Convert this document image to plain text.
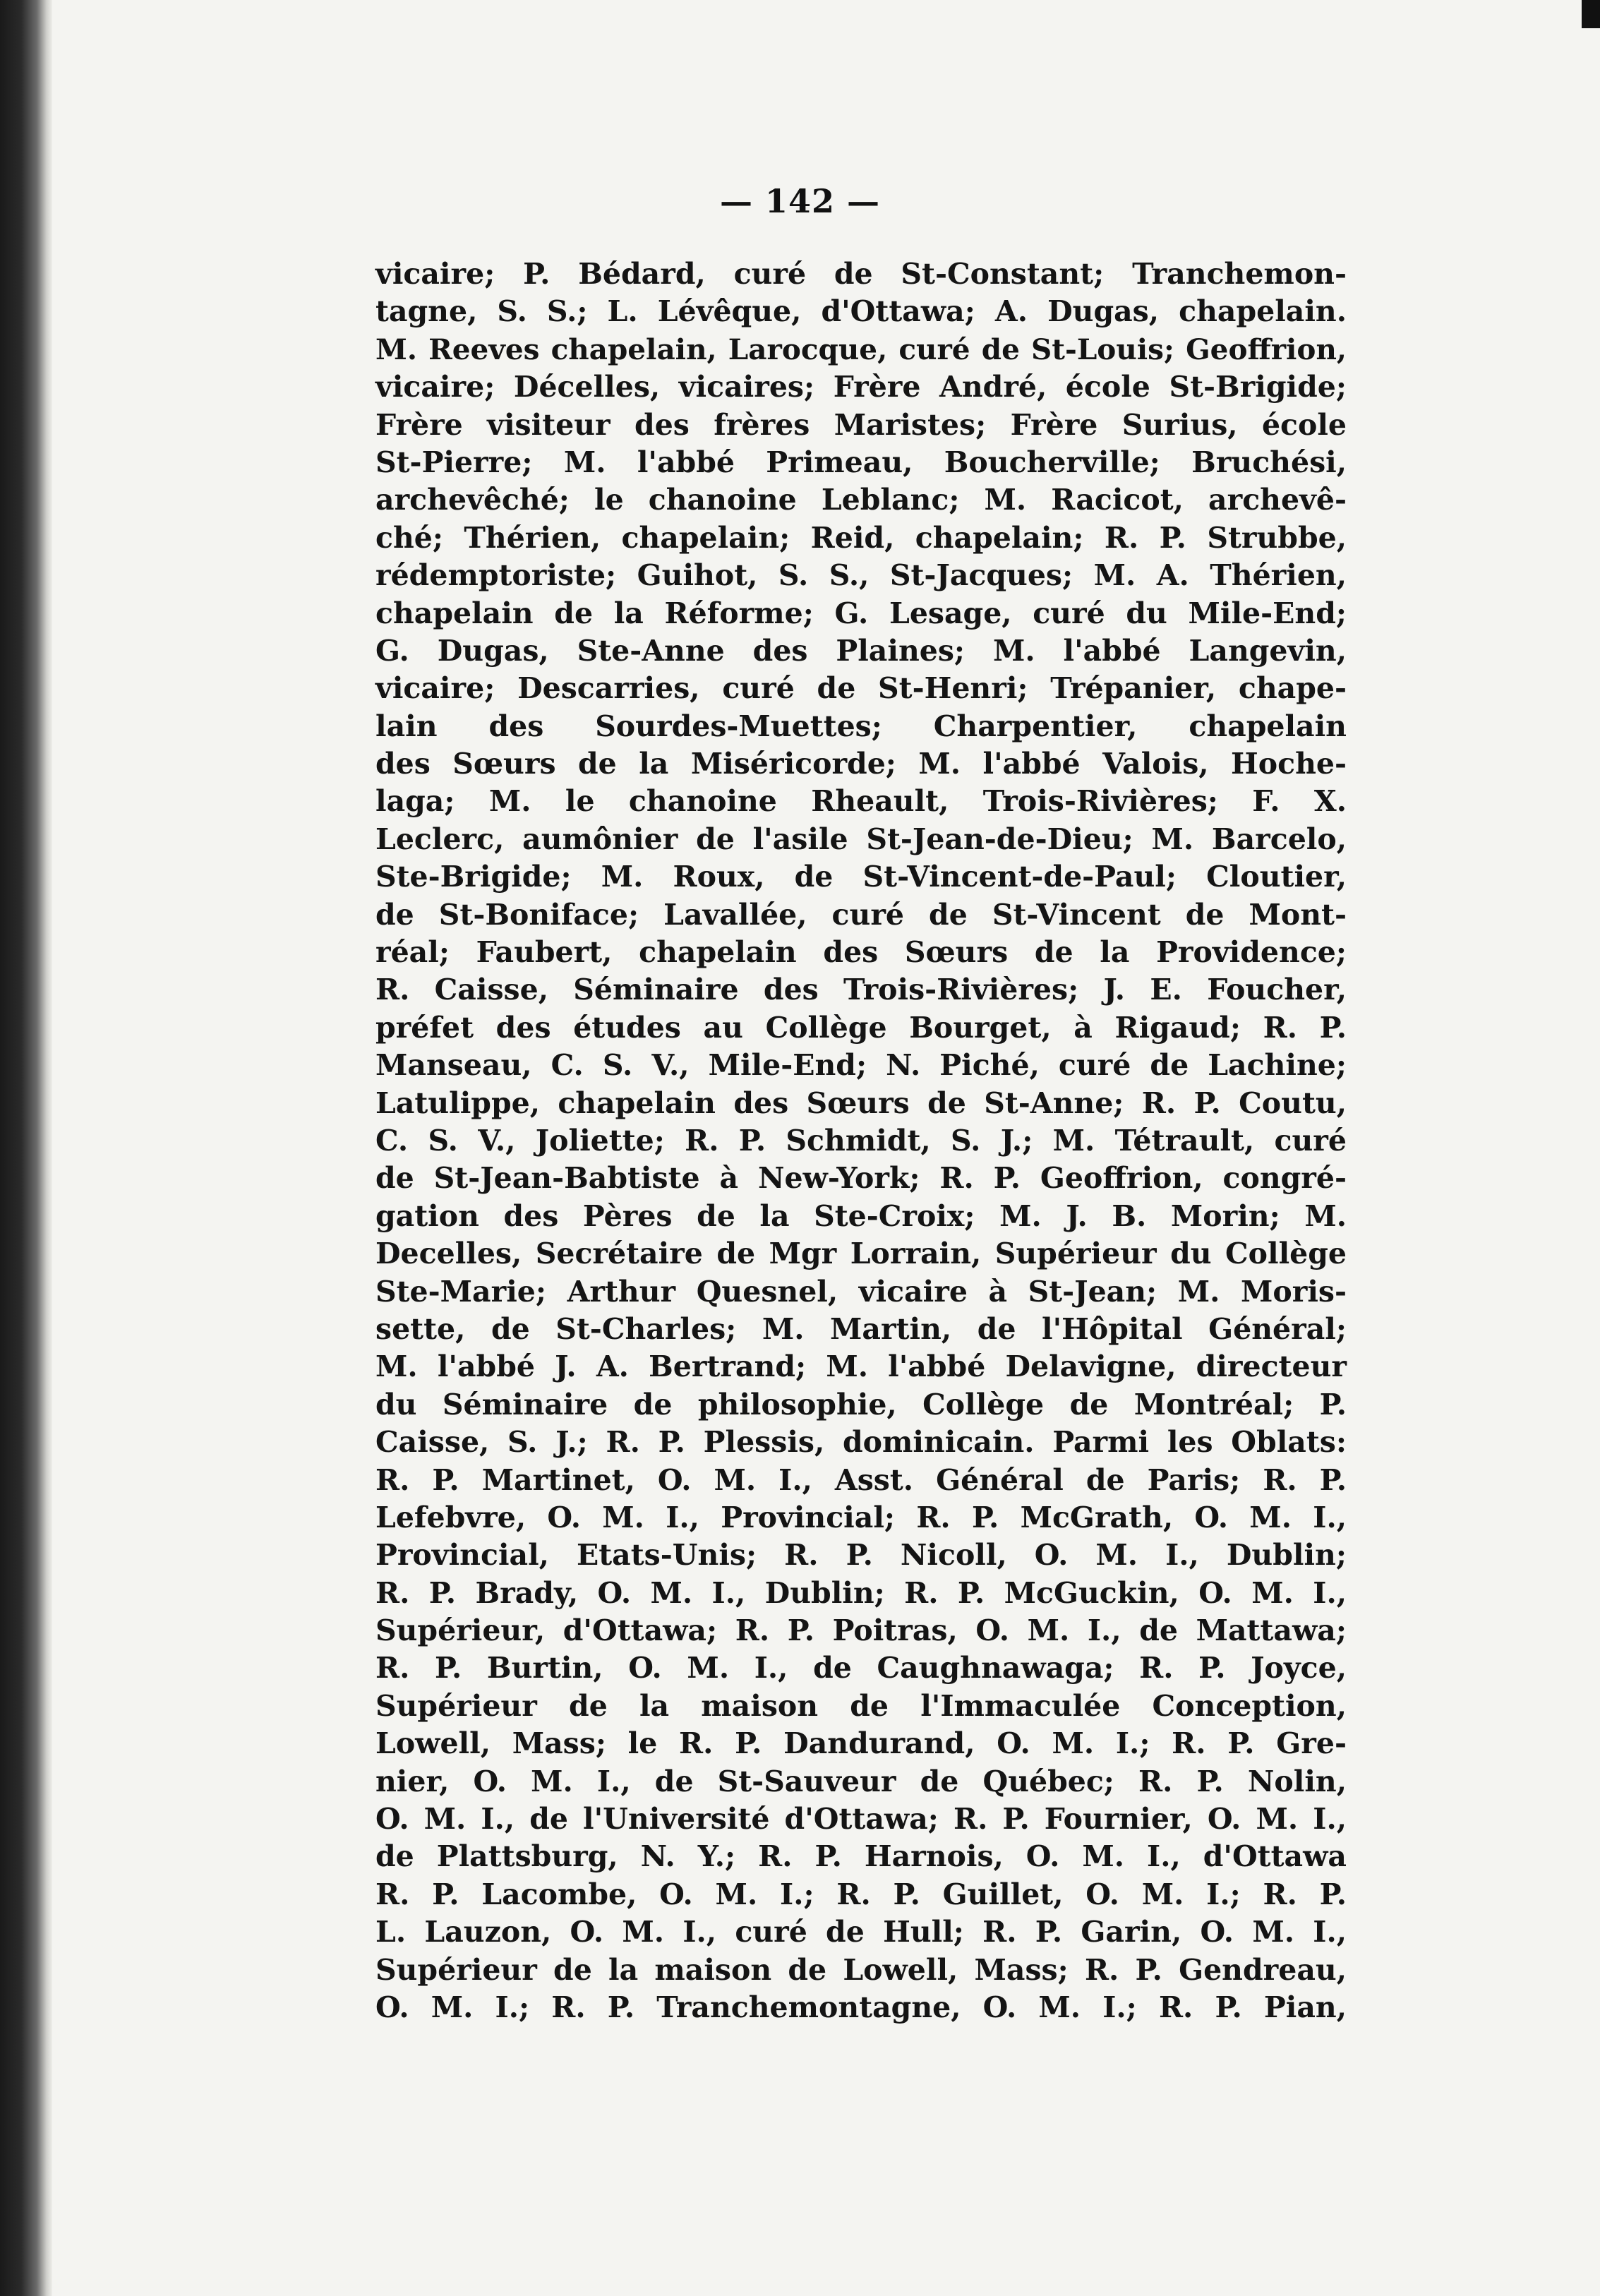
— 142 —
vicaire; P. Bédard, curé de St-Constant; Tranchemon-
tagne, S. S.; L. Lévêque, d'Ottawa; A. Dugas, chapelain.
M. Reeves chapelain, Larocque, curé de St-Louis; Geoffrion,
vicaire; Décelles, vicaires; Frère André, école St-Brigide;
Frère visiteur des frères Maristes; Frère Surius, école
St-Pierre; M. l'abbé Primeau, Boucherville; Bruchési,
archevêché; le chanoine Leblanc; M. Racicot, archevê-
ché; Thérien, chapelain; Reid, chapelain; R. P. Strubbe,
rédemptoriste; Guihot, S. S., St-Jacques; M. A. Thérien,
chapelain de la Réforme; G. Lesage, curé du Mile-End;
G. Dugas, Ste-Anne des Plaines; M. l'abbé Langevin,
vicaire; Descarries, curé de St-Henri; Trépanier, chape-
lain des Sourdes-Muettes; Charpentier, chapelain
des Sœurs de la Miséricorde; M. l'abbé Valois, Hoche-
laga; M. le chanoine Rheault, Trois-Rivières; F. X.
Leclerc, aumônier de l'asile St-Jean-de-Dieu; M. Barcelo,
Ste-Brigide; M. Roux, de St-Vincent-de-Paul; Cloutier,
de St-Boniface; Lavallée, curé de St-Vincent de Mont-
réal; Faubert, chapelain des Sœurs de la Providence;
R. Caisse, Séminaire des Trois-Rivières; J. E. Foucher,
préfet des études au Collège Bourget, à Rigaud; R. P.
Manseau, C. S. V., Mile-End; N. Piché, curé de Lachine;
Latulippe, chapelain des Sœurs de St-Anne; R. P. Coutu,
C. S. V., Joliette; R. P. Schmidt, S. J.; M. Tétrault, curé
de St-Jean-Babtiste à New-York; R. P. Geoffrion, congré-
gation des Pères de la Ste-Croix; M. J. B. Morin; M.
Decelles, Secrétaire de Mgr Lorrain, Supérieur du Collège
Ste-Marie; Arthur Quesnel, vicaire à St-Jean; M. Moris-
sette, de St-Charles; M. Martin, de l'Hôpital Général;
M. l'abbé J. A. Bertrand; M. l'abbé Delavigne, directeur
du Séminaire de philosophie, Collège de Montréal; P.
Caisse, S. J.; R. P. Plessis, dominicain. Parmi les Oblats:
R. P. Martinet, O. M. I., Asst. Général de Paris; R. P.
Lefebvre, O. M. I., Provincial; R. P. McGrath, O. M. I.,
Provincial, Etats-Unis; R. P. Nicoll, O. M. I., Dublin;
R. P. Brady, O. M. I., Dublin; R. P. McGuckin, O. M. I.,
Supérieur, d'Ottawa; R. P. Poitras, O. M. I., de Mattawa;
R. P. Burtin, O. M. I., de Caughnawaga; R. P. Joyce,
Supérieur de la maison de l'Immaculée Conception,
Lowell, Mass; le R. P. Dandurand, O. M. I.; R. P. Gre-
nier, O. M. I., de St-Sauveur de Québec; R. P. Nolin,
O. M. I., de l'Université d'Ottawa; R. P. Fournier, O. M. I.,
de Plattsburg, N. Y.; R. P. Harnois, O. M. I., d'Ottawa
R. P. Lacombe, O. M. I.; R. P. Guillet, O. M. I.; R. P.
L. Lauzon, O. M. I., curé de Hull; R. P. Garin, O. M. I.,
Supérieur de la maison de Lowell, Mass; R. P. Gendreau,
O. M. I.; R. P. Tranchemontagne, O. M. I.; R. P. Pian,
